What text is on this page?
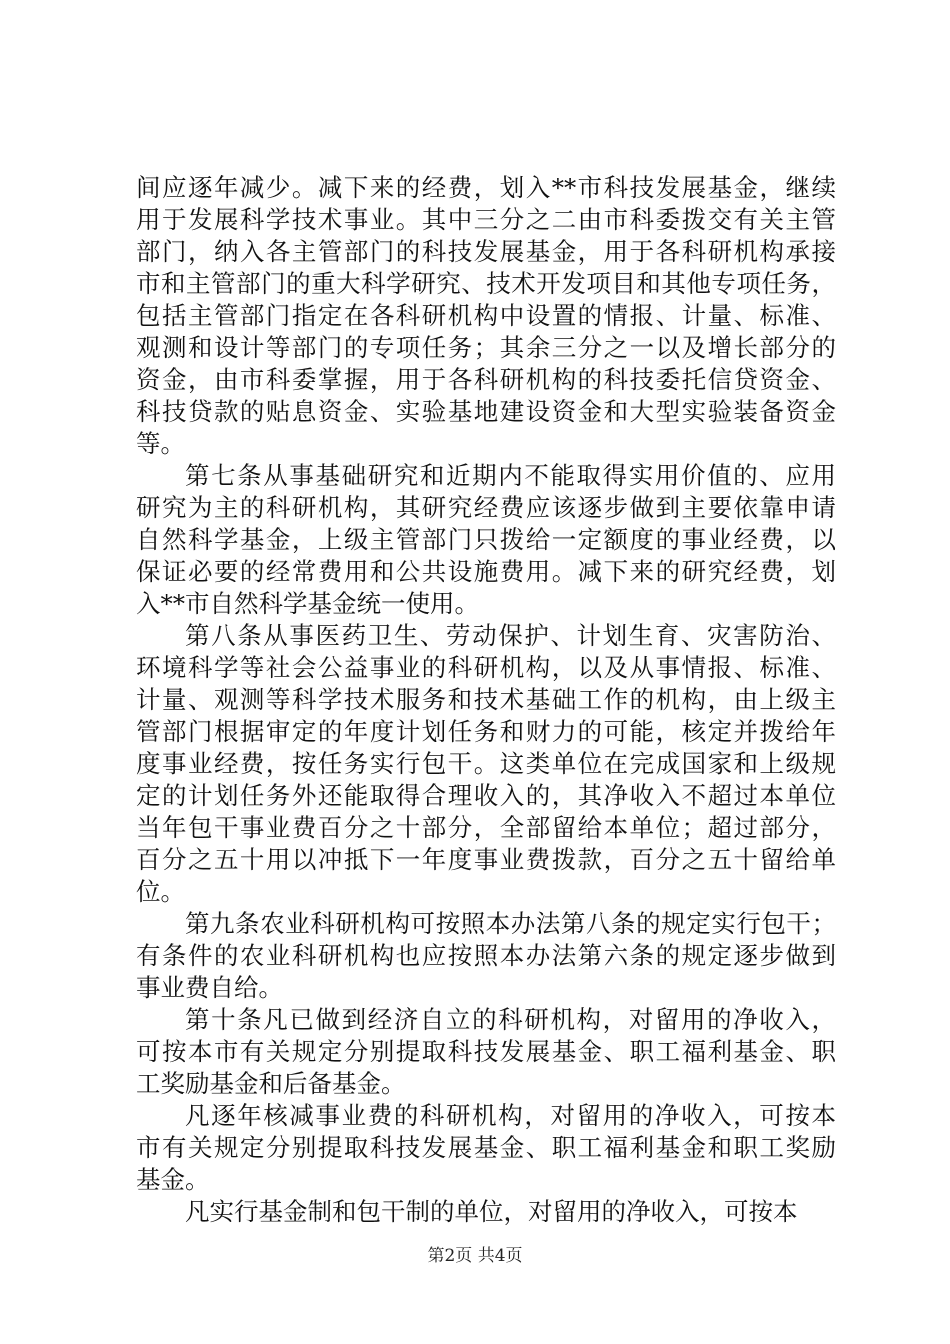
间应逐年减少。减下来的经费，划入**市科技发展基金，继续
用于发展科学技术事业。其中三分之二由市科委拨交有关主管
部门，纳入各主管部门的科技发展基金，用于各科研机构承接
市和主管部门的重大科学研究、技术开发项目和其他专项任务，
包括主管部门指定在各科研机构中设置的情报、计量、标准、
观测和设计等部门的专项任务；其余三分之一以及增长部分的
资金，由市科委掌握，用于各科研机构的科技委托信贷资金、
科技贷款的贴息资金、实验基地建设资金和大型实验装备资金
等。
第七条从事基础研究和近期内不能取得实用价值的、应用
研究为主的科研机构，其研究经费应该逐步做到主要依靠申请
自然科学基金，上级主管部门只拨给一定额度的事业经费，以
保证必要的经常费用和公共设施费用。减下来的研究经费，划
入**市自然科学基金统一使用。
第八条从事医药卫生、劳动保护、计划生育、灾害防治、
环境科学等社会公益事业的科研机构，以及从事情报、标准、
计量、观测等科学技术服务和技术基础工作的机构，由上级主
管部门根据审定的年度计划任务和财力的可能，核定并拨给年
度事业经费，按任务实行包干。这类单位在完成国家和上级规
定的计划任务外还能取得合理收入的，其净收入不超过本单位
当年包干事业费百分之十部分，全部留给本单位；超过部分，
百分之五十用以冲抵下一年度事业费拨款，百分之五十留给单
位。
第九条农业科研机构可按照本办法第八条的规定实行包干；
有条件的农业科研机构也应按照本办法第六条的规定逐步做到
事业费自给。
第十条凡已做到经济自立的科研机构，对留用的净收入，
可按本市有关规定分别提取科技发展基金、职工福利基金、职
工奖励基金和后备基金。
凡逐年核减事业费的科研机构，对留用的净收入，可按本
市有关规定分别提取科技发展基金、职工福利基金和职工奖励
基金。
凡实行基金制和包干制的单位，对留用的净收入，可按本
第2页 共4页
